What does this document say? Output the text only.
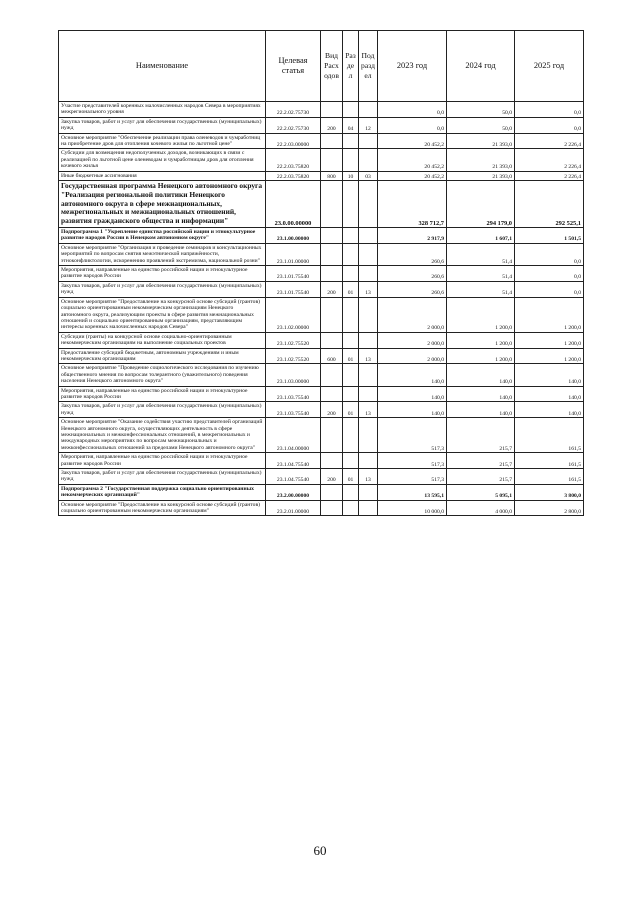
Наименование	Целевая статья	Вид Расходов	Раздел	Подраздел	2023 год	2024 год	2025 год
Участие представителей коренных малочисленных народов Севера в мероприятиях межрегионального уровня	22.2.02.75730				0,0	50,0	0,0
Закупка товаров, работ и услуг для обеспечения государственных (муниципальных) нужд	22.2.02.75730	200	04	12	0,0	50,0	0,0
Основное мероприятие "Обеспечение реализации права оленеводов и чумработниц на приобретение дров для отопления кочевого жилья по льготной цене"	22.2.03.00000				20 452,2	21 393,0	2 226,4
Субсидии для возмещения недополученных доходов, возникающих в связи с реализацией по льготной цене оленеводам и чумработницам дров для отопления кочевого жилья	22.2.03.75820				20 452,2	21 393,0	2 226,4
Иные бюджетные ассигнования	22.2.03.75820	800	10	03	20 452,2	21 393,0	2 226,4
Государственная программа Ненецкого автономного округа "Реализация региональной политики Ненецкого автономного округа в сфере межнациональных, межрегиональных и межнациональных отношений, развития гражданского общества и информации"	23.0.00.00000				328 712,7	294 179,0	292 525,1
Подпрограмма 1 "Укрепление единства российской нации и этнокультурное развитие народов России в Ненецком автономном округе"	23.1.00.00000				2 917,9	1 607,1	1 501,5
Основное мероприятие "Организация и проведение семинаров и консультационных мероприятий по вопросам снятия межэтнической напряжённости, этноконфликтологии, искоренению проявлений экстремизма, национальной розни"	23.1.01.00000				260,6	51,4	0,0
Мероприятия, направленные на единство российской нации и этнокультурное развитие народов России	23.1.01.75540				260,6	51,4	0,0
Закупка товаров, работ и услуг для обеспечения государственных (муниципальных) нужд	23.1.01.75540	200	01	13	260,6	51,4	0,0
Основное мероприятие "Предоставление на конкурсной основе субсидий (грантов) социально ориентированным некоммерческим организациям Ненецкого автономного округа, реализующим проекты в сфере развития межнациональных отношений и социально ориентированным организациям, представляющим интересы коренных малочисленных народов Севера"	23.1.02.00000				2 000,0	1 200,0	1 200,0
Субсидии (гранты) на конкурсной основе социально-ориентированным некоммерческим организациям на выполнение социальных проектов	23.1.02.75520				2 000,0	1 200,0	1 200,0
Предоставление субсидий бюджетным, автономным учреждениям и иным некоммерческим организациям	23.1.02.75520	600	01	13	2 000,0	1 200,0	1 200,0
Основное мероприятие "Проведение социологического исследования по изучению общественного мнения по вопросам толерантного (уважительного) поведения населения Ненецкого автономного округа"	23.1.03.00000				140,0	140,0	140,0
Мероприятия, направленные на единство российской нации и этнокультурное развитие народов России	23.1.03.75540				140,0	140,0	140,0
Закупка товаров, работ и услуг для обеспечения государственных (муниципальных) нужд	23.1.03.75540	200	01	13	140,0	140,0	140,0
Основное мероприятие "Оказание содействия участию представителей организаций Ненецкого автономного округа, осуществляющих деятельность в сфере межнациональных и межконфессиональных отношений, в межрегиональных и международных мероприятиях по вопросам межнациональных и межконфессиональных отношений за пределами Ненецкого автономного округа"	23.1.04.00000				517,3	215,7	161,5
Мероприятия, направленные на единство российской нации и этнокультурное развитие народов России	23.1.04.75540				517,3	215,7	161,5
Закупка товаров, работ и услуг для обеспечения государственных (муниципальных) нужд	23.1.04.75540	200	01	13	517,3	215,7	161,5
Подпрограмма 2 "Государственная поддержка социально ориентированных некоммерческих организаций"	23.2.00.00000				13 595,1	5 095,1	3 800,0
Основное мероприятие "Предоставление на конкурсной основе субсидий (грантов) социально ориентированным некоммерческим организациям"	23.2.01.00000				10 000,0	4 000,0	2 800,0
60
